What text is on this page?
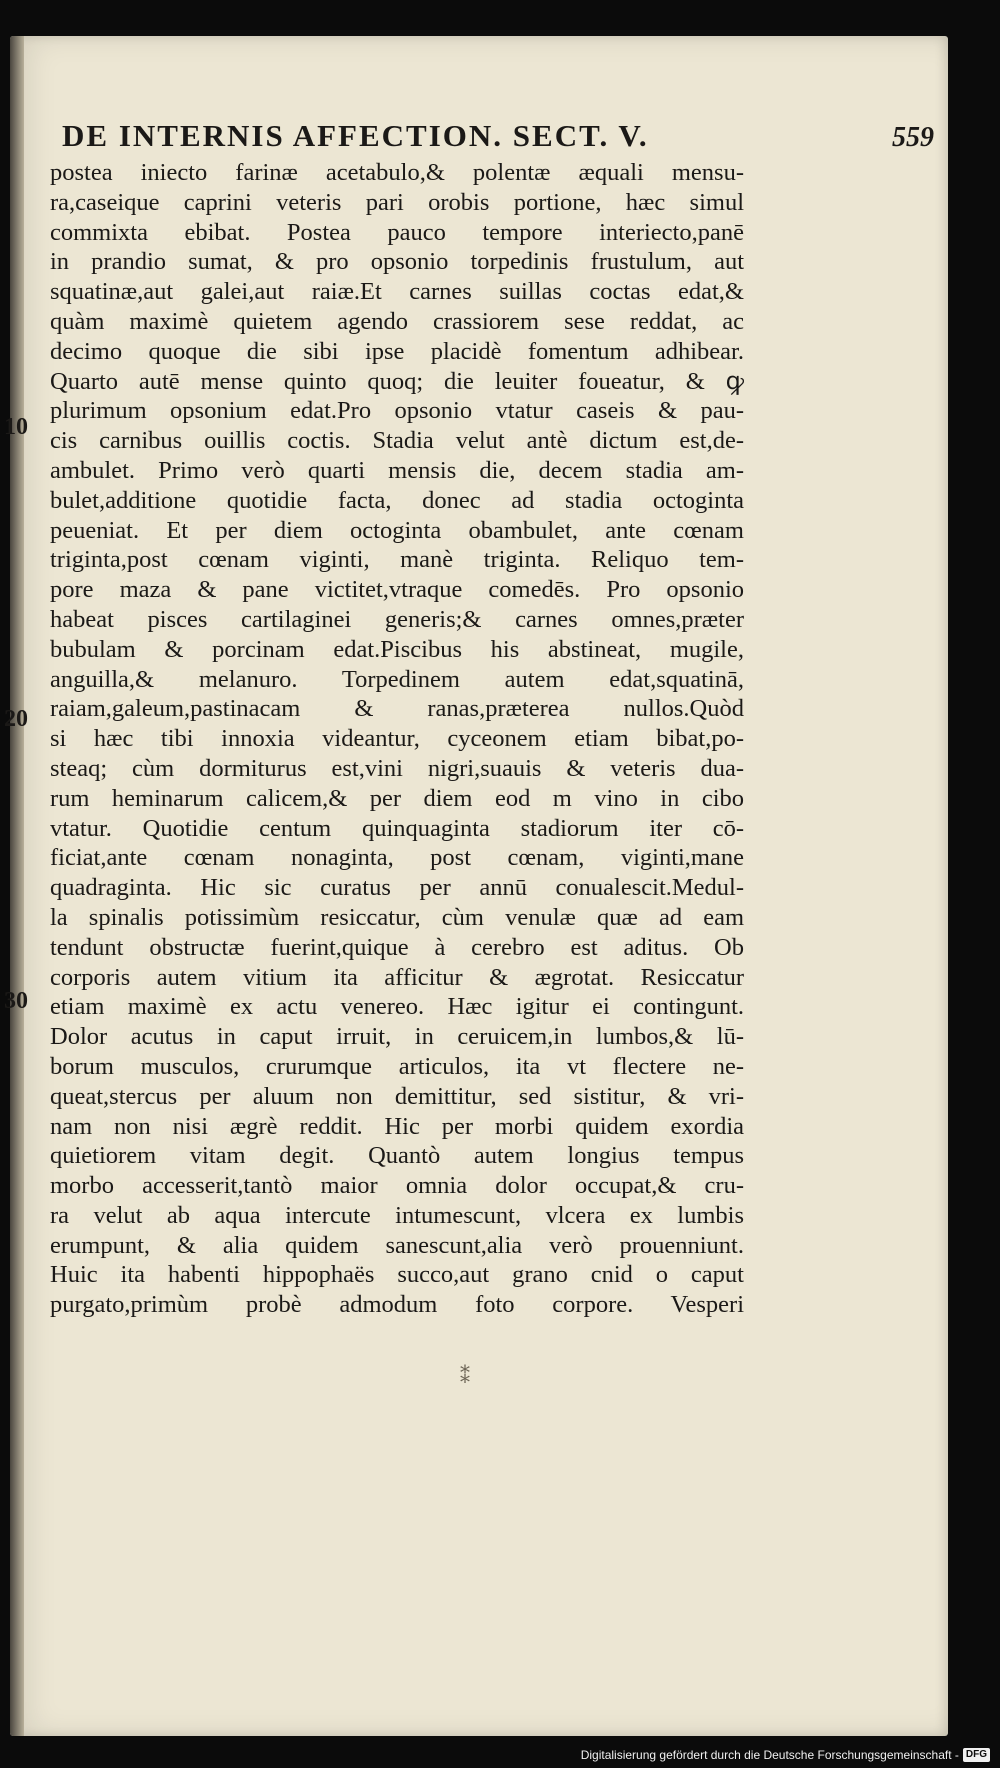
DE INTERNIS AFFECTION. SECT. V.	559
10
20
30
postea iniecto farinæ acetabulo,& polentæ æquali mensu-
ra,caseique caprini veteris pari orobis portione, hæc simul
commixta ebibat. Postea pauco tempore interiecto,panē
in prandio sumat, & pro opsonio torpedinis frustulum, aut
squatinæ,aut galei,aut raiæ.Et carnes suillas coctas edat,&
quàm maximè quietem agendo crassiorem sese reddat, ac
decimo quoque die sibi ipse placidè fomentum adhibear.
Quarto autē mense quinto quoq; die leuiter foueatur, & ꝙ
plurimum opsonium edat.Pro opsonio vtatur caseis & pau-
cis carnibus ouillis coctis. Stadia velut antè dictum est,de-
ambulet. Primo verò quarti mensis die, decem stadia am-
bulet,additione quotidie facta, donec ad stadia octoginta
peueniat. Et per diem octoginta obambulet, ante cœnam
triginta,post cœnam viginti, manè triginta. Reliquo tem-
pore maza & pane victitet,vtraque comedēs. Pro opsonio
habeat pisces cartilaginei generis;& carnes omnes,præter
bubulam & porcinam edat.Piscibus his abstineat, mugile,
anguilla,& melanuro. Torpedinem autem edat,squatinā,
raiam,galeum,pastinacam & ranas,præterea nullos.Quòd
si hæc tibi innoxia videantur, cyceonem etiam bibat,po-
steaq; cùm dormiturus est,vini nigri,suauis & veteris dua-
rum heminarum calicem,& per diem eod m vino in cibo
vtatur. Quotidie centum quinquaginta stadiorum iter cō-
ficiat,ante cœnam nonaginta, post cœnam, viginti,mane
quadraginta. Hic sic curatus per annū conualescit.Medul-
la spinalis potissimùm resiccatur, cùm venulæ quæ ad eam
tendunt obstructæ fuerint,quique à cerebro est aditus. Ob
corporis autem vitium ita afficitur & ægrotat. Resiccatur
etiam maximè ex actu venereo. Hæc igitur ei contingunt.
Dolor acutus in caput irruit, in ceruicem,in lumbos,& lū-
borum musculos, crurumque articulos, ita vt flectere ne-
queat,stercus per aluum non demittitur, sed sistitur, & vri-
nam non nisi ægrè reddit. Hic per morbi quidem exordia
quietiorem vitam degit. Quantò autem longius tempus
morbo accesserit,tantò maior omnia dolor occupat,& cru-
ra velut ab aqua intercute intumescunt, vlcera ex lumbis
erumpunt, & alia quidem sanescunt,alia verò prouenniunt.
Huic ita habenti hippophaës succo,aut grano cnid o caput
purgato,primùm probè admodum foto corpore. Vesperi
⁑
Digitalisierung gefördert durch die Deutsche Forschungsgemeinschaft - DFG
